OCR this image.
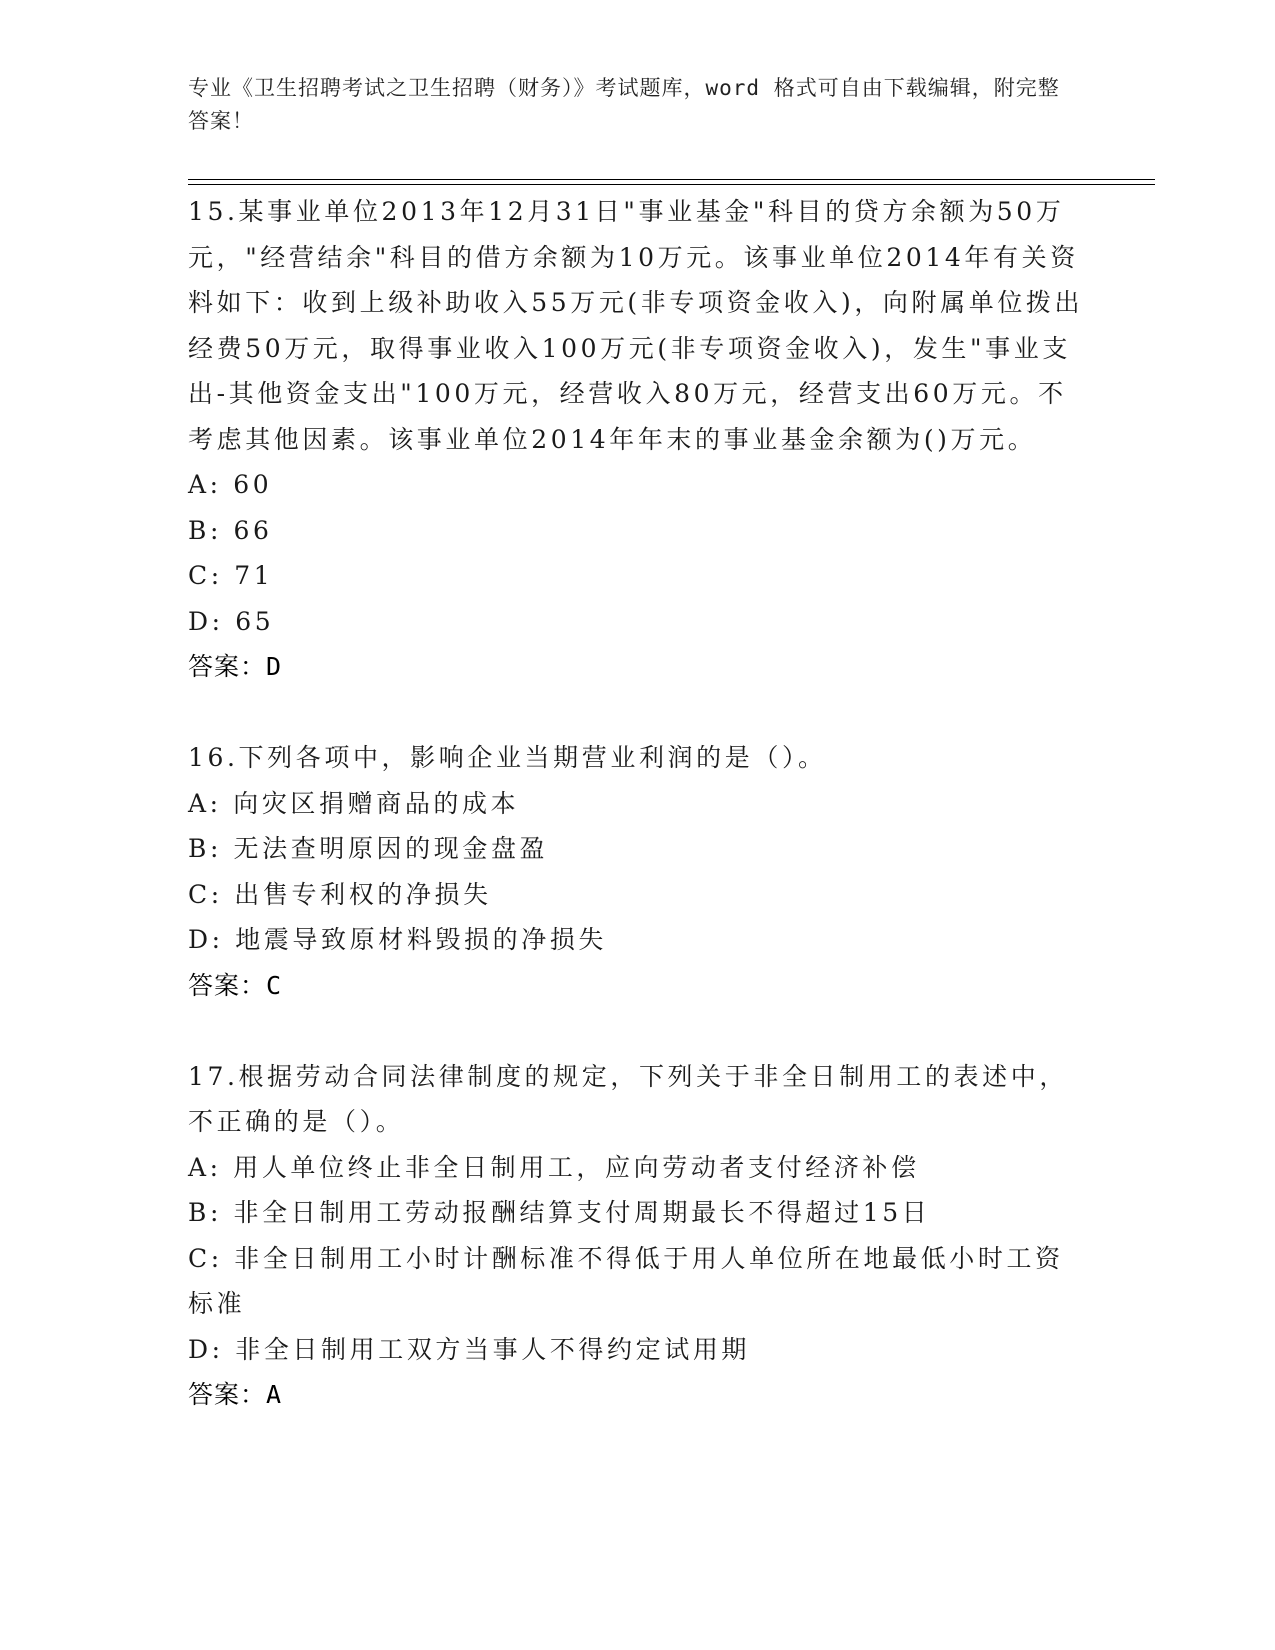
专业《卫生招聘考试之卫生招聘（财务）》考试题库，word 格式可自由下载编辑，附完整答案！
15.某事业单位2013年12月31日"事业基金"科目的贷方余额为50万元，"经营结余"科目的借方余额为10万元。该事业单位2014年有关资料如下：收到上级补助收入55万元(非专项资金收入)，向附属单位拨出经费50万元，取得事业收入100万元(非专项资金收入)，发生"事业支出-其他资金支出"100万元，经营收入80万元，经营支出60万元。不考虑其他因素。该事业单位2014年年末的事业基金余额为()万元。
A: 60
B: 66
C: 71
D: 65
答案：D
16.下列各项中，影响企业当期营业利润的是（）。
A: 向灾区捐赠商品的成本
B: 无法查明原因的现金盘盈
C: 出售专利权的净损失
D: 地震导致原材料毁损的净损失
答案：C
17.根据劳动合同法律制度的规定，下列关于非全日制用工的表述中，不正确的是（）。
A: 用人单位终止非全日制用工，应向劳动者支付经济补偿
B: 非全日制用工劳动报酬结算支付周期最长不得超过15日
C: 非全日制用工小时计酬标准不得低于用人单位所在地最低小时工资标准
D: 非全日制用工双方当事人不得约定试用期
答案：A
